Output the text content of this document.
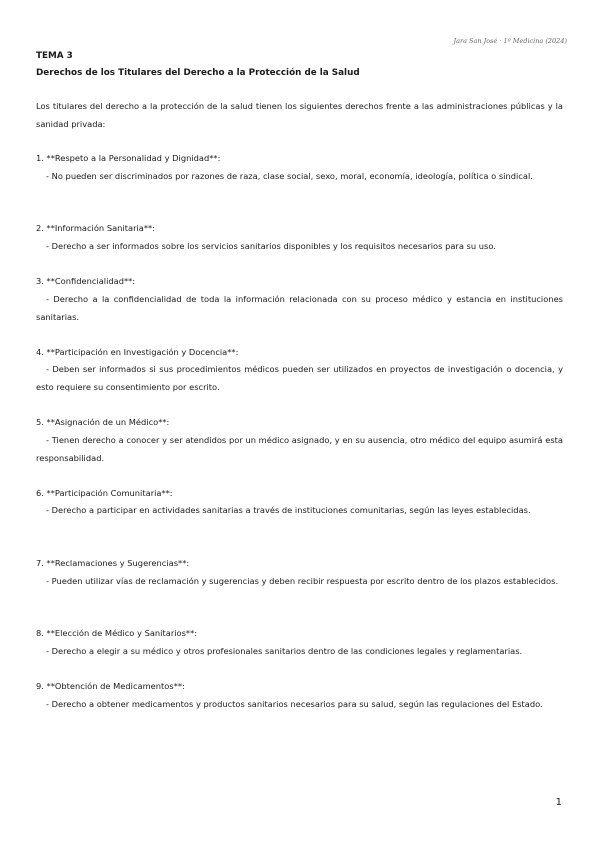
Jara San José · 1º Medicina (2024)

TEMA 3

Derechos de los Titulares del Derecho a la Protección de la Salud

Los titulares del derecho a la protección de la salud tienen los siguientes derechos frente a las administraciones públicas y la sanidad privada:

1. **Respeto a la Personalidad y Dignidad**:

- No pueden ser discriminados por razones de raza, clase social, sexo, moral, economía, ideología, política o sindical.

2. **Información Sanitaria**:

- Derecho a ser informados sobre los servicios sanitarios disponibles y los requisitos necesarios para su uso.

3. **Confidencialidad**:

- Derecho a la confidencialidad de toda la información relacionada con su proceso médico y estancia en instituciones sanitarias.

4. **Participación en Investigación y Docencia**:

- Deben ser informados si sus procedimientos médicos pueden ser utilizados en proyectos de investigación o docencia, y esto requiere su consentimiento por escrito.

5. **Asignación de un Médico**:

- Tienen derecho a conocer y ser atendidos por un médico asignado, y en su ausencia, otro médico del equipo asumirá esta responsabilidad.

6. **Participación Comunitaria**:

- Derecho a participar en actividades sanitarias a través de instituciones comunitarias, según las leyes establecidas.

7. **Reclamaciones y Sugerencias**:

- Pueden utilizar vías de reclamación y sugerencias y deben recibir respuesta por escrito dentro de los plazos establecidos.

8. **Elección de Médico y Sanitarios**:

- Derecho a elegir a su médico y otros profesionales sanitarios dentro de las condiciones legales y reglamentarias.

9. **Obtención de Medicamentos**:

- Derecho a obtener medicamentos y productos sanitarios necesarios para su salud, según las regulaciones del Estado.

1
